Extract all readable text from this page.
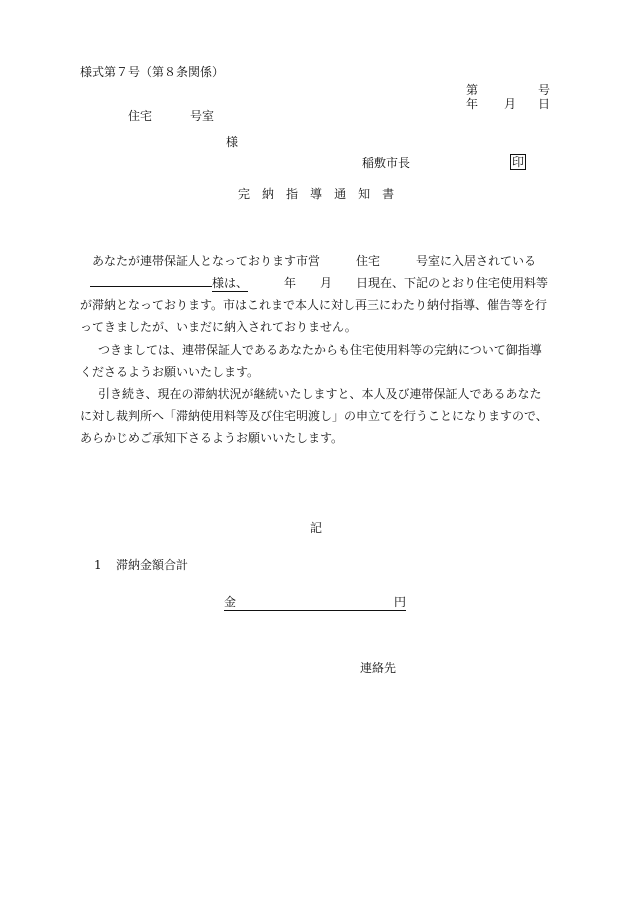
様式第７号（第８条関係）
第	号
年 月 日
住宅	号室
様
稲敷市長	印
完 納 指 導 通 知 書
あなたが連帯保証人となっております市営　　　住宅　　　号室に入居されている
様は、　　　年　　月　　日現在、下記のとおり住宅使用料等
が滞納となっております。市はこれまで本人に対し再三にわたり納付指導、催告等を行
ってきましたが、いまだに納入されておりません。
つきましては、連帯保証人であるあなたからも住宅使用料等の完納について御指導
くださるようお願いいたします。
引き続き、現在の滞納状況が継続いたしますと、本人及び連帯保証人であるあなた
に対し裁判所へ「滞納使用料等及び住宅明渡し」の申立てを行うことになりますので、
あらかじめご承知下さるようお願いいたします。
記
1 滞納金額合計
金	円
連絡先
